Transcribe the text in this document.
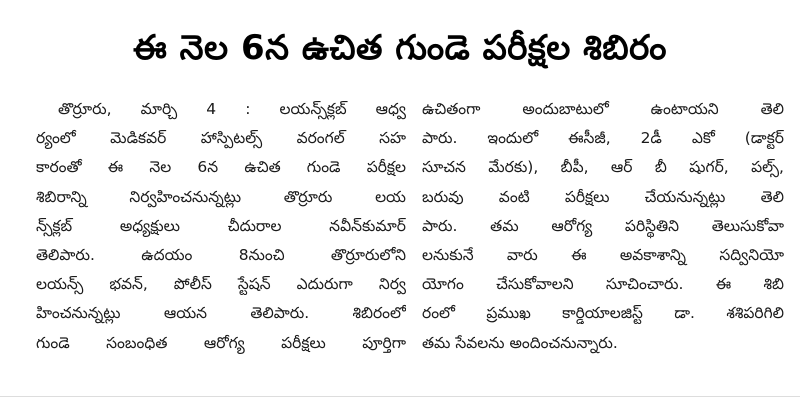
ఈ నెల 6న ఉచిత గుండె పరీక్షల శిబిరం
తొర్రూరు, మార్చి 4 : లయన్స్‌క్లబ్ ఆధ్వ
ర్యంలో మెడికవర్ హాస్పిటల్స్ వరంగల్ సహ
కారంతో ఈ నెల 6న ఉచిత గుండె పరీక్షల
శిబిరాన్ని నిర్వహించనున్నట్లు తొర్రూరు లయ
న్స్‌క్లబ్ అధ్యక్షులు చీదురాల నవీన్‌కుమార్
తెలిపారు. ఉదయం 8నుంచి తొర్రూరులోని
లయన్స్ భవన్, పోలీస్ స్టేషన్ ఎదురుగా నిర్వ
హించనున్నట్లు ఆయన తెలిపారు. శిబిరంలో
గుండె సంబంధిత ఆరోగ్య పరీక్షలు పూర్తిగా
ఉచితంగా అందుబాటులో ఉంటాయని తెలి
పారు. ఇందులో ఈసీజీ, 2డీ ఎకో (డాక్టర్
సూచన మేరకు), బీపీ, ఆర్ బీ షుగర్, పల్స్,
బరువు వంటి పరీక్షలు చేయనున్నట్లు తెలి
పారు. తమ ఆరోగ్య పరిస్థితిని తెలుసుకోవా
లనుకునే వారు ఈ అవకాశాన్ని సద్వినియో
యోగం చేసుకోవాలని సూచించారు. ఈ శిబి
రంలో ప్రముఖ కార్డియాలజిస్ట్ డా. శశిపరిగిలి
తమ సేవలను అందించనున్నారు.
